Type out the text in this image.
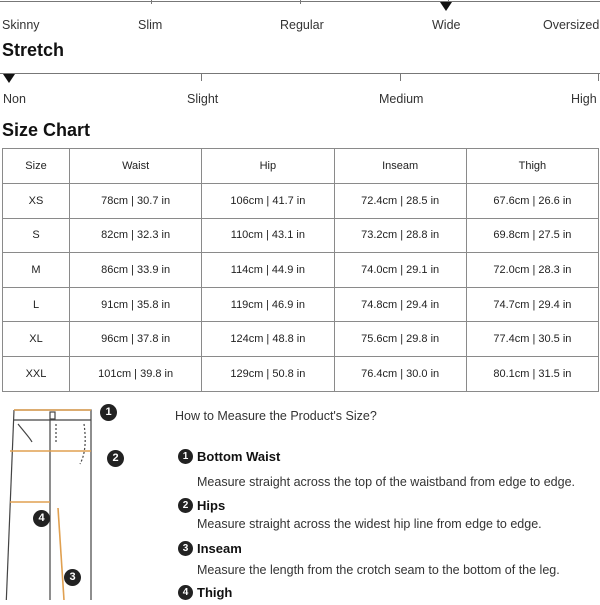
Skinny	Slim	Regular	Wide	Oversized
Stretch
Non	Slight	Medium	High
Size Chart
Size	Waist	Hip	Inseam	Thigh
XS	78cm | 30.7 in	106cm | 41.7 in	72.4cm | 28.5 in	67.6cm | 26.6 in
S	82cm | 32.3 in	110cm | 43.1 in	73.2cm | 28.8 in	69.8cm | 27.5 in
M	86cm | 33.9 in	114cm | 44.9 in	74.0cm | 29.1 in	72.0cm | 28.3 in
L	91cm | 35.8 in	119cm | 46.9 in	74.8cm | 29.4 in	74.7cm | 29.4 in
XL	96cm | 37.8 in	124cm | 48.8 in	75.6cm | 29.8 in	77.4cm | 30.5 in
XXL	101cm | 39.8 in	129cm | 50.8 in	76.4cm | 30.0 in	80.1cm | 31.5 in
1
2
4
3
How to Measure the Product's Size?
1 Bottom Waist
Measure straight across the top of the waistband from edge to edge.
2 Hips
Measure straight across the widest hip line from edge to edge.
3 Inseam
Measure the length from the crotch seam to the bottom of the leg.
4 Thigh
